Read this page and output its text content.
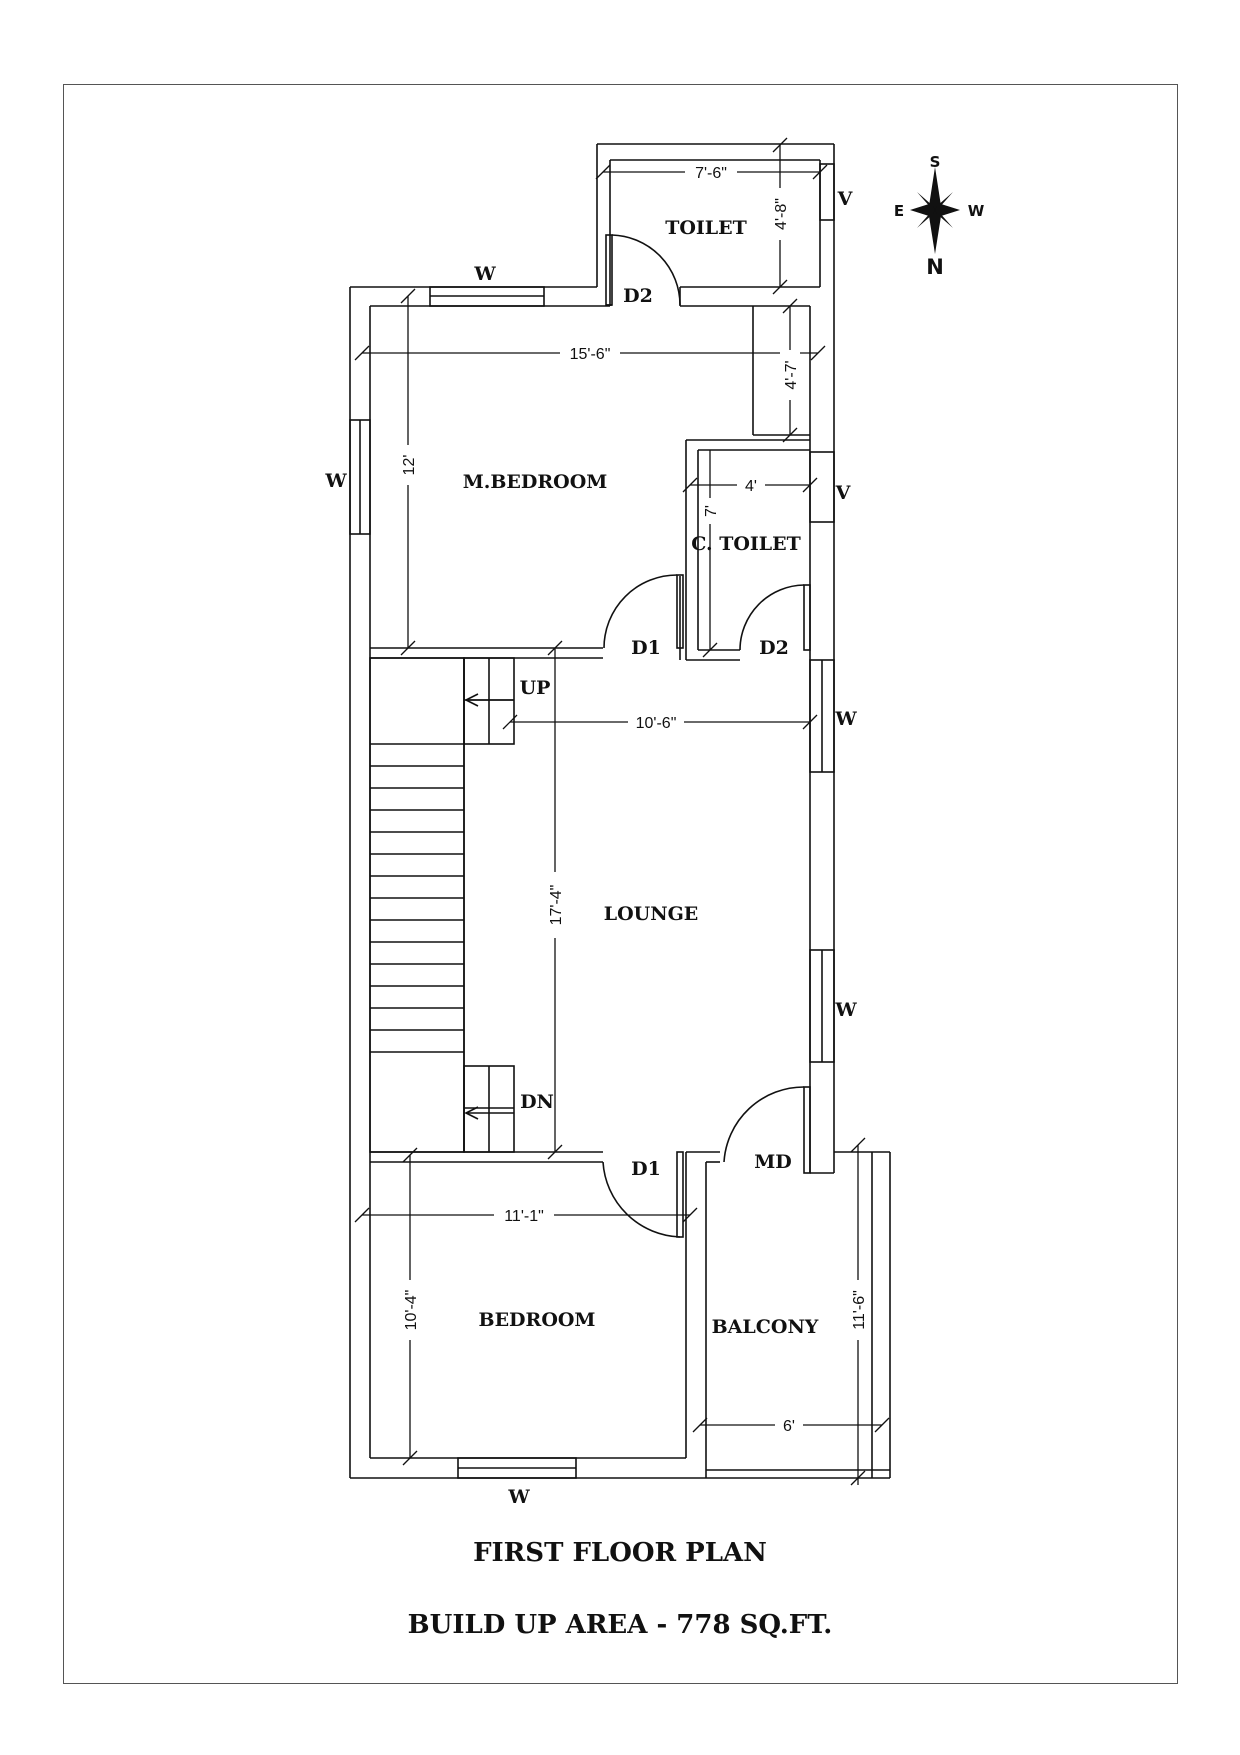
7'-6"
4'-8"
15'-6"
4'-7'
12'
4'
7'
10'-6"
17'-4"
11'-1"
10'-4"
6'
11'-6"
TOILET
M.BEDROOM
C. TOILET
LOUNGE
BEDROOM	BALCONY
W
W
W
W
W
V
V
D2
D1	D2
D1	MD
UP
DN
S
E	W
N
FIRST FLOOR PLAN
BUILD UP AREA - 778 SQ.FT.
